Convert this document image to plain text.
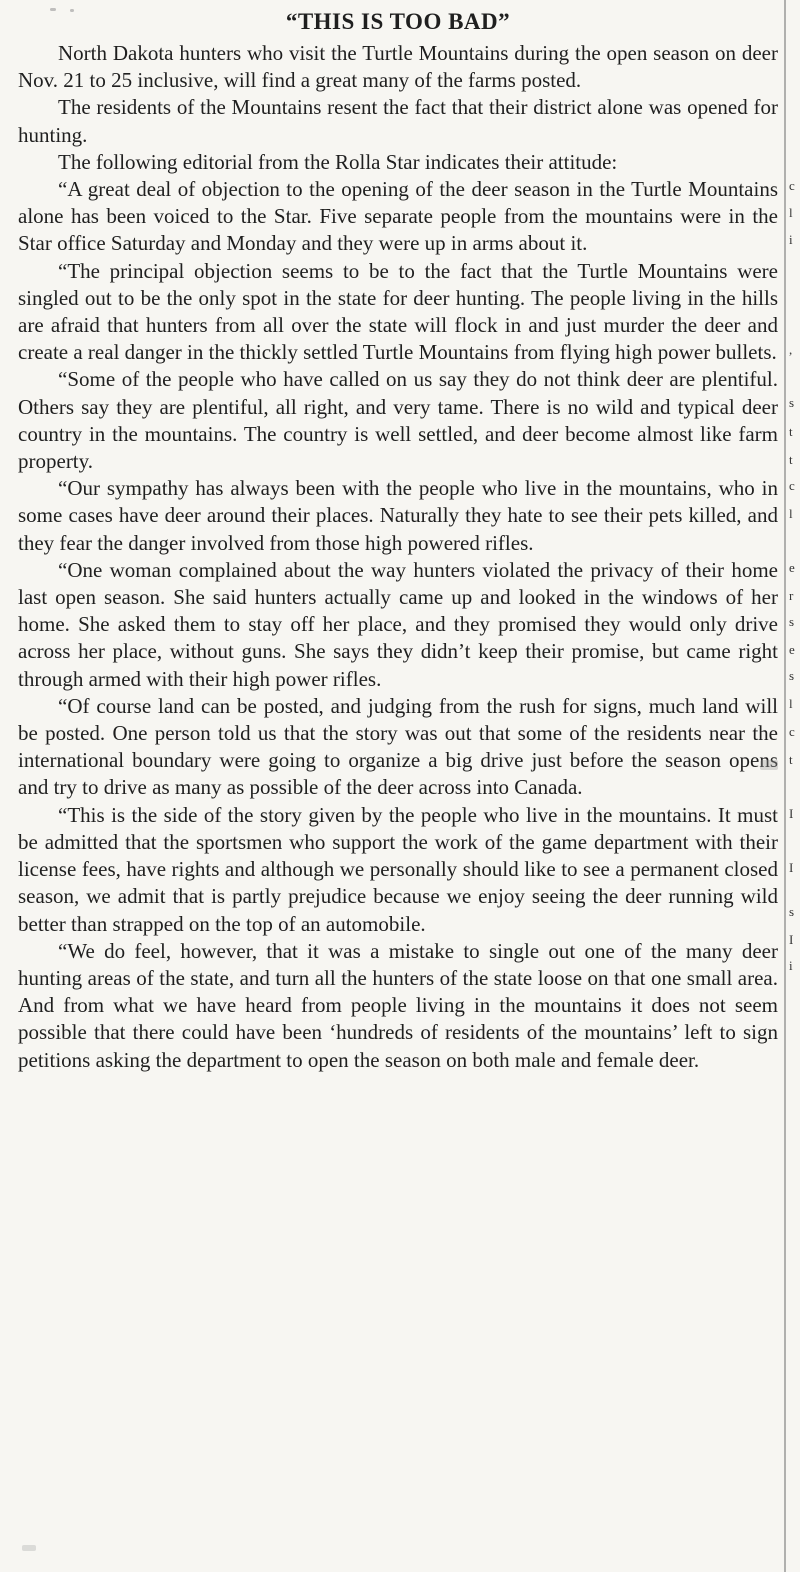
“THIS IS TOO BAD”

North Dakota hunters who visit the Turtle Mountains during the open season on deer Nov. 21 to 25 inclusive, will find a great many of the farms posted.

The residents of the Mountains resent the fact that their district alone was opened for hunting.

The following editorial from the Rolla Star indicates their attitude:

“A great deal of objection to the opening of the deer season in the Turtle Mountains alone has been voiced to the Star. Five separate people from the mountains were in the Star office Saturday and Monday and they were up in arms about it.

“The principal objection seems to be to the fact that the Turtle Mountains were singled out to be the only spot in the state for deer hunting. The people living in the hills are afraid that hunters from all over the state will flock in and just murder the deer and create a real danger in the thickly settled Turtle Mountains from flying high power bullets.

“Some of the people who have called on us say they do not think deer are plentiful. Others say they are plentiful, all right, and very tame. There is no wild and typical deer country in the mountains. The country is well settled, and deer become almost like farm property.

“Our sympathy has always been with the people who live in the mountains, who in some cases have deer around their places. Naturally they hate to see their pets killed, and they fear the danger involved from those high powered rifles.

“One woman complained about the way hunters violated the privacy of their home last open season. She said hunters actually came up and looked in the windows of her home. She asked them to stay off her place, and they promised they would only drive across her place, without guns. She says they didn’t keep their promise, but came right through armed with their high power rifles.

“Of course land can be posted, and judging from the rush for signs, much land will be posted. One person told us that the story was out that some of the residents near the international boundary were going to organize a big drive just before the season opens and try to drive as many as possible of the deer across into Canada.

“This is the side of the story given by the people who live in the mountains. It must be admitted that the sportsmen who support the work of the game department with their license fees, have rights and although we personally should like to see a permanent closed season, we admit that is partly prejudice because we enjoy seeing the deer running wild better than strapped on the top of an automobile.

“We do feel, however, that it was a mistake to single out one of the many deer hunting areas of the state, and turn all the hunters of the state loose on that one small area. And from what we have heard from people living in the mountains it does not seem possible that there could have been ‘hundreds of residents of the mountains’ left to sign petitions asking the department to open the season on both male and female deer.

c
l
i
,
s
t
t
c
l
e
r
s
e
s
l
c
t
I
I
s
I
i
